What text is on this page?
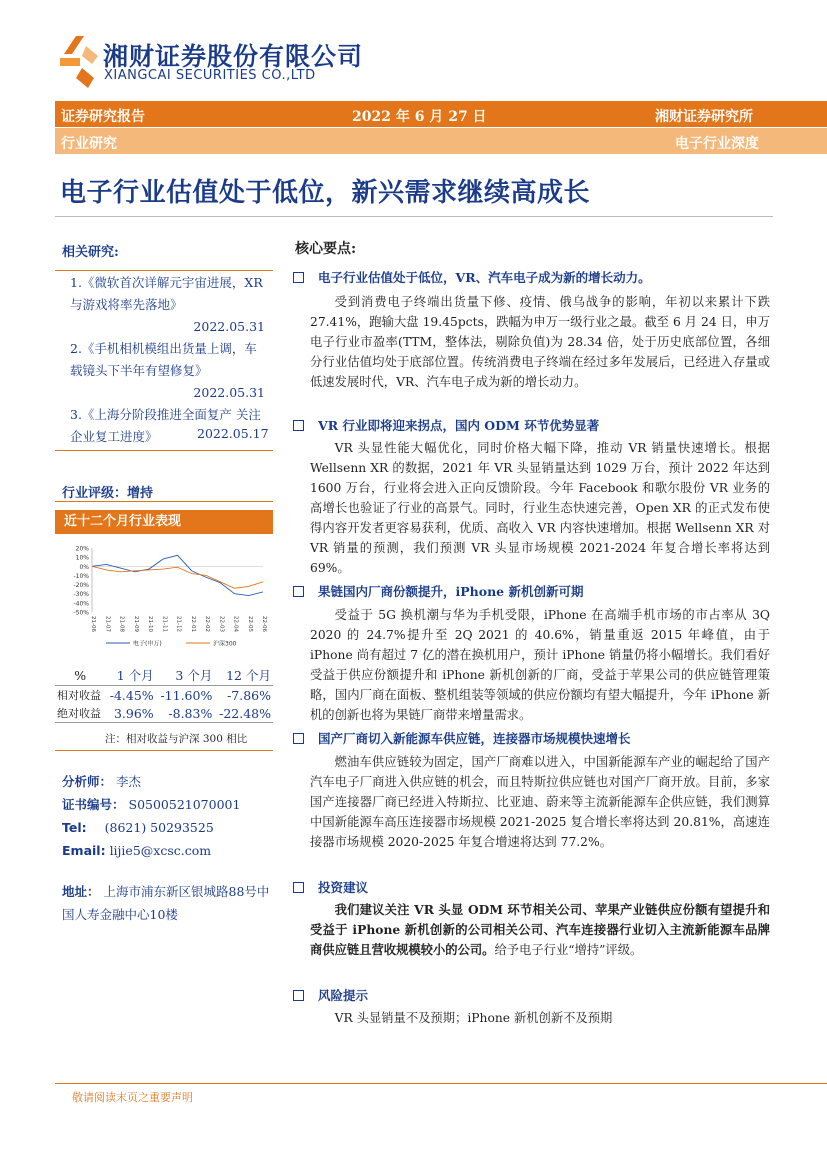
湘财证券股份有限公司
XIANGCAI SECURITIES CO.,LTD
证券研究报告	2022 年 6 月 27 日	湘财证券研究所
行业研究	电子行业深度
电子行业估值处于低位，新兴需求继续高成长
相关研究:
1.《微软首次详解元宇宙进展，XR与游戏将率先落地》
2022.05.31
2.《手机相机模组出货量上调，车载镜头下半年有望修复》
2022.05.31
3.《上海分阶段推进全面复产 关注企业复工进度》	2022.05.17
行业评级：增持
近十二个月行业表现
20%
10%
0%
-10%
-20%
-30%
-40%
-50%
21-06 21-07 21-08 21-09 21-10 21-11 21-12 22-01 22-02 22-03 22-04 22-05 22-06
电子(申万)	沪深300
%	1 个月	3 个月	12 个月
相对收益	-4.45%	-11.60%	-7.86%
绝对收益	3.96%	-8.83%	-22.48%
注：相对收益与沪深 300 相比
分析师： 李杰
证书编号： S0500521070001
Tel: (8621) 50293525
Email: lijie5@xcsc.com
地址： 上海市浦东新区银城路88号中国人寿金融中心10楼
核心要点:
电子行业估值处于低位，VR、汽车电子成为新的增长动力。
受到消费电子终端出货量下修、疫情、俄乌战争的影响，年初以来累计下跌 27.41%，跑输大盘 19.45pcts，跌幅为申万一级行业之最。截至 6 月 24 日，申万电子行业市盈率(TTM，整体法，剔除负值)为 28.34 倍，处于历史底部位置，各细分行业估值均处于底部位置。传统消费电子终端在经过多年发展后，已经进入存量或低速发展时代，VR、汽车电子成为新的增长动力。
VR 行业即将迎来拐点，国内 ODM 环节优势显著
VR 头显性能大幅优化，同时价格大幅下降，推动 VR 销量快速增长。根据 Wellsenn XR 的数据，2021 年 VR 头显销量达到 1029 万台，预计 2022 年达到 1600 万台，行业将会进入正向反馈阶段。今年 Facebook 和歌尔股份 VR 业务的高增长也验证了行业的高景气。同时，行业生态快速完善，Open XR 的正式发布使得内容开发者更容易获利，优质、高收入 VR 内容快速增加。根据 Wellsenn XR 对 VR 销量的预测，我们预测 VR 头显市场规模 2021-2024 年复合增长率将达到 69%。
果链国内厂商份额提升，iPhone 新机创新可期
受益于 5G 换机潮与华为手机受限，iPhone 在高端手机市场的市占率从 3Q 2020 的 24.7%提升至 2Q 2021 的 40.6%，销量重返 2015 年峰值，由于 iPhone 尚有超过 7 亿的潜在换机用户，预计 iPhone 销量仍将小幅增长。我们看好受益于供应份额提升和 iPhone 新机创新的厂商，受益于苹果公司的供应链管理策略，国内厂商在面板、整机组装等领域的供应份额均有望大幅提升，今年 iPhone 新机的创新也将为果链厂商带来增量需求。
国产厂商切入新能源车供应链，连接器市场规模快速增长
燃油车供应链较为固定，国产厂商难以进入，中国新能源车产业的崛起给了国产汽车电子厂商进入供应链的机会，而且特斯拉供应链也对国产厂商开放。目前，多家国产连接器厂商已经进入特斯拉、比亚迪、蔚来等主流新能源车企供应链，我们测算中国新能源车高压连接器市场规模 2021-2025 复合增长率将达到 20.81%，高速连接器市场规模 2020-2025 年复合增速将达到 77.2%。
投资建议
我们建议关注 VR 头显 ODM 环节相关公司、苹果产业链供应份额有望提升和受益于 iPhone 新机创新的公司相关公司、汽车连接器行业切入主流新能源车品牌商供应链且营收规模较小的公司。给予电子行业“增持”评级。
风险提示
VR 头显销量不及预期；iPhone 新机创新不及预期
敬请阅读末页之重要声明
